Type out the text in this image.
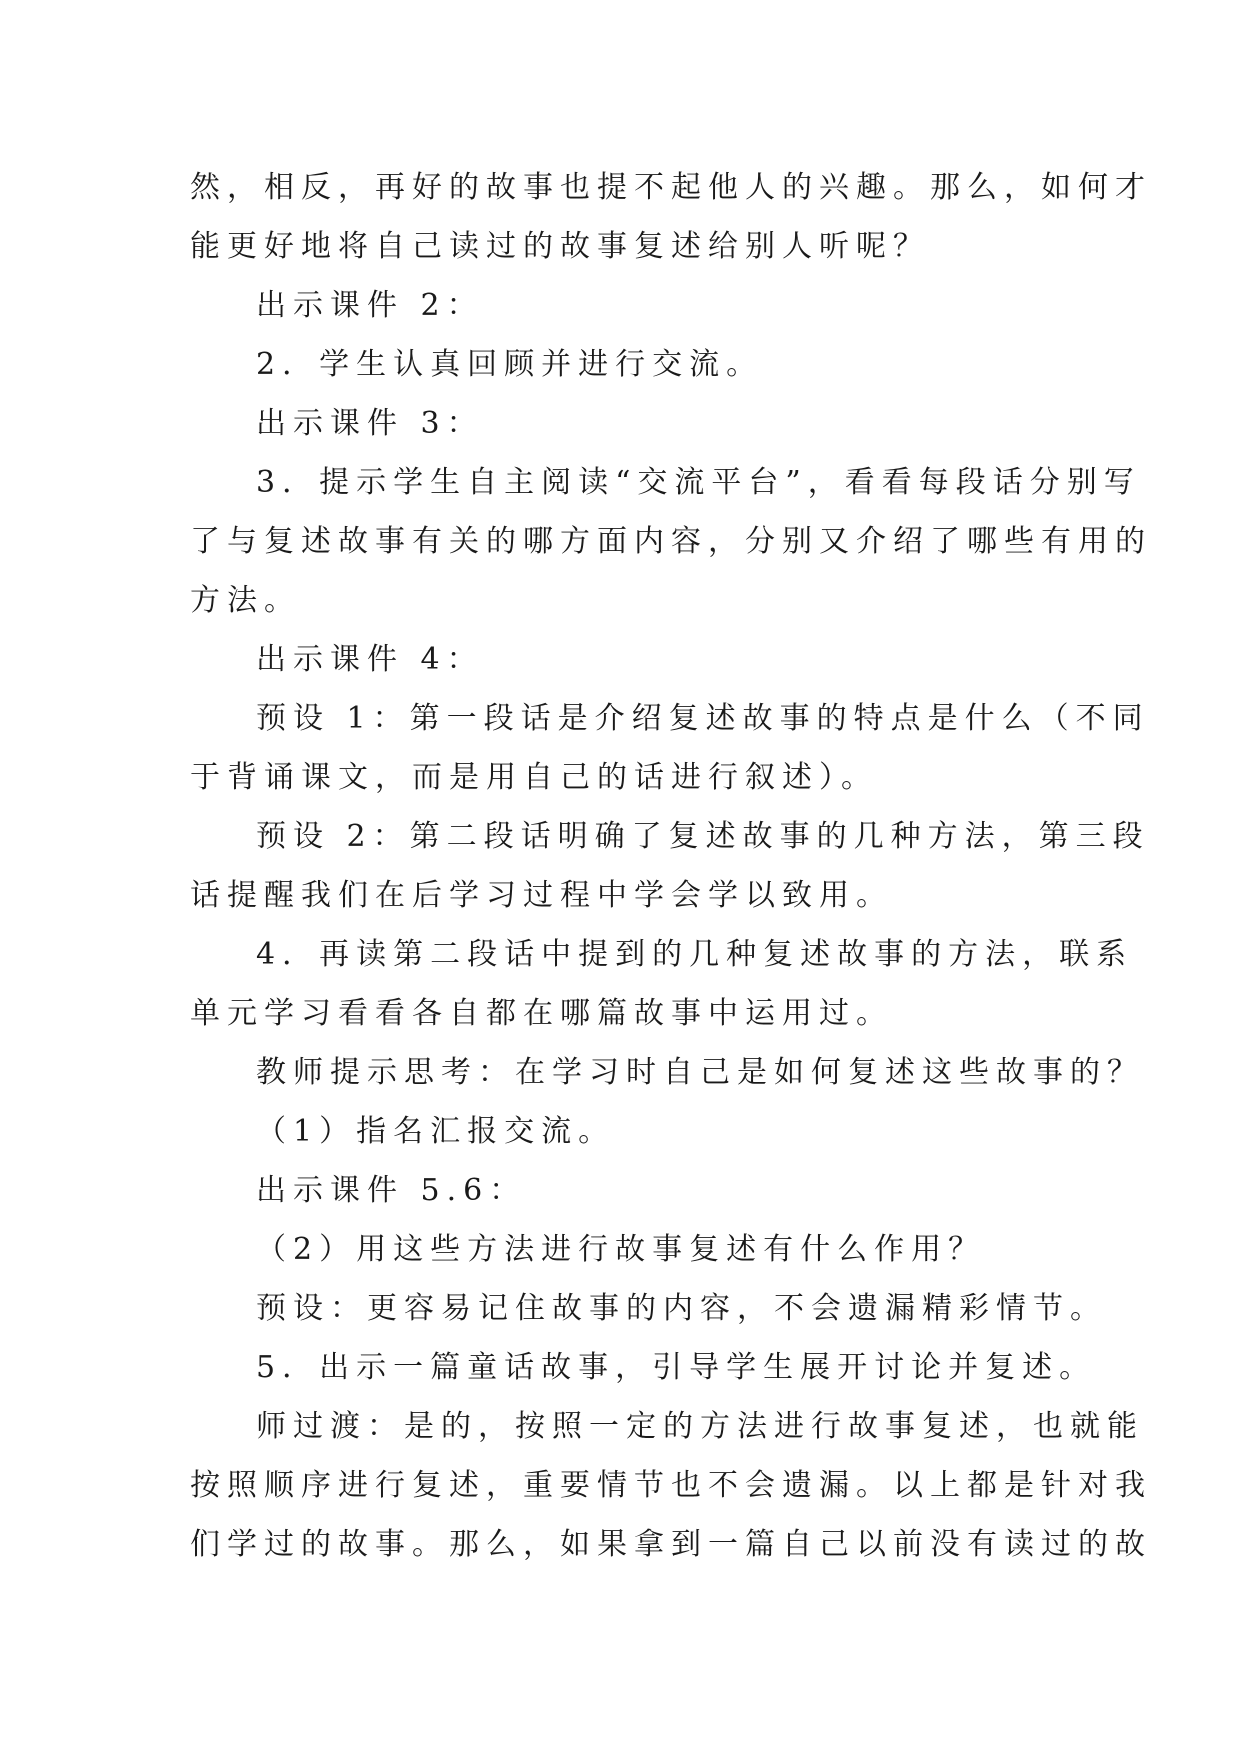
然，相反，再好的故事也提不起他人的兴趣。那么，如何才
能更好地将自己读过的故事复述给别人听呢？
出示课件 2：
2．学生认真回顾并进行交流。
出示课件 3：
3．提示学生自主阅读“交流平台”，看看每段话分别写
了与复述故事有关的哪方面内容，分别又介绍了哪些有用的
方法。
出示课件 4：
预设 1：第一段话是介绍复述故事的特点是什么（不同
于背诵课文，而是用自己的话进行叙述）。
预设 2：第二段话明确了复述故事的几种方法，第三段
话提醒我们在后学习过程中学会学以致用。
4．再读第二段话中提到的几种复述故事的方法，联系
单元学习看看各自都在哪篇故事中运用过。
教师提示思考：在学习时自己是如何复述这些故事的？
（1）指名汇报交流。
出示课件 5.6：
（2）用这些方法进行故事复述有什么作用？
预设：更容易记住故事的内容，不会遗漏精彩情节。
5．出示一篇童话故事，引导学生展开讨论并复述。
师过渡：是的，按照一定的方法进行故事复述，也就能
按照顺序进行复述，重要情节也不会遗漏。以上都是针对我
们学过的故事。那么，如果拿到一篇自己以前没有读过的故
